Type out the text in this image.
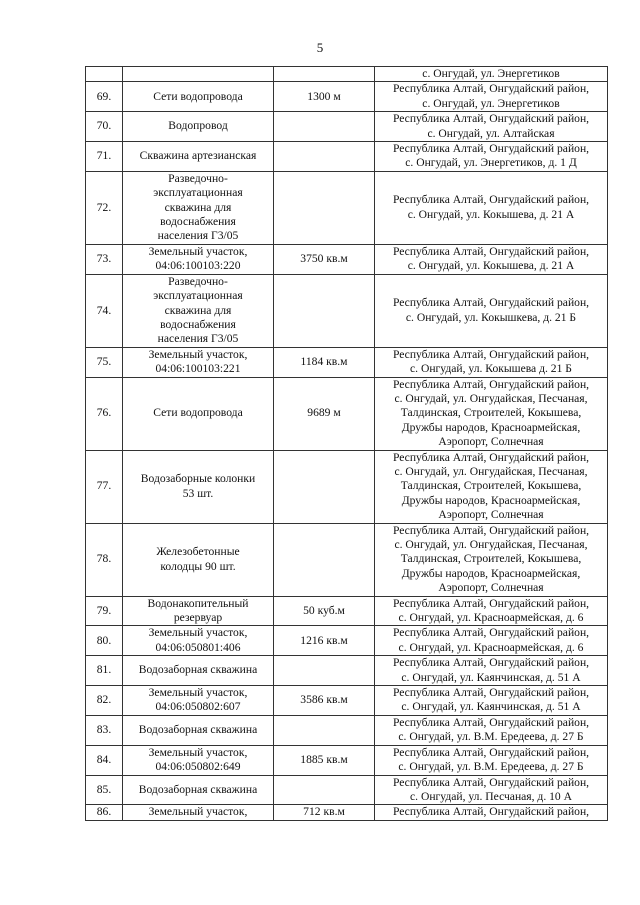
5
			с. Онгудай, ул. Энергетиков
69.	Сети водопровода	1300 м	Республика Алтай, Онгудайский район,
с. Онгудай, ул. Энергетиков
70.	Водопровод		Республика Алтай, Онгудайский район,
с. Онгудай, ул. Алтайская
71.	Скважина артезианская		Республика Алтай, Онгудайский район,
с. Онгудай, ул. Энергетиков, д. 1 Д
72.	Разведочно-
эксплуатационная
скважина для
водоснабжения
населения Г3/05		Республика Алтай, Онгудайский район,
с. Онгудай, ул. Кокышева, д. 21 А
73.	Земельный участок,
04:06:100103:220	3750 кв.м	Республика Алтай, Онгудайский район,
с. Онгудай, ул. Кокышева, д. 21 А
74.	Разведочно-
эксплуатационная
скважина для
водоснабжения
населения Г3/05		Республика Алтай, Онгудайский район,
с. Онгудай, ул. Кокышкева, д. 21 Б
75.	Земельный участок,
04:06:100103:221	1184 кв.м	Республика Алтай, Онгудайский район,
с. Онгудай, ул. Кокышева д. 21 Б
76.	Сети водопровода	9689 м	Республика Алтай, Онгудайский район,
с. Онгудай, ул. Онгудайская, Песчаная,
Талдинская, Строителей, Кокышева,
Дружбы народов, Красноармейская,
Аэропорт, Солнечная
77.	Водозаборные колонки
53 шт.		Республика Алтай, Онгудайский район,
с. Онгудай, ул. Онгудайская, Песчаная,
Талдинская, Строителей, Кокышева,
Дружбы народов, Красноармейская,
Аэропорт, Солнечная
78.	Железобетонные
колодцы 90 шт.		Республика Алтай, Онгудайский район,
с. Онгудай, ул. Онгудайская, Песчаная,
Талдинская, Строителей, Кокышева,
Дружбы народов, Красноармейская,
Аэропорт, Солнечная
79.	Водонакопительный
резервуар	50 куб.м	Республика Алтай, Онгудайский район,
с. Онгудай, ул. Красноармейская, д. 6
80.	Земельный участок,
04:06:050801:406	1216 кв.м	Республика Алтай, Онгудайский район,
с. Онгудай, ул. Красноармейская, д. 6
81.	Водозаборная скважина		Республика Алтай, Онгудайский район,
с. Онгудай, ул. Каянчинская, д. 51 А
82.	Земельный участок,
04:06:050802:607	3586 кв.м	Республика Алтай, Онгудайский район,
с. Онгудай, ул. Каянчинская, д. 51 А
83.	Водозаборная скважина		Республика Алтай, Онгудайский район,
с. Онгудай, ул. В.М. Ередеева, д. 27 Б
84.	Земельный участок,
04:06:050802:649	1885 кв.м	Республика Алтай, Онгудайский район,
с. Онгудай, ул. В.М. Ередеева, д. 27 Б
85.	Водозаборная скважина		Республика Алтай, Онгудайский район,
с. Онгудай, ул. Песчаная, д. 10 А
86.	Земельный участок,	712 кв.м	Республика Алтай, Онгудайский район,
